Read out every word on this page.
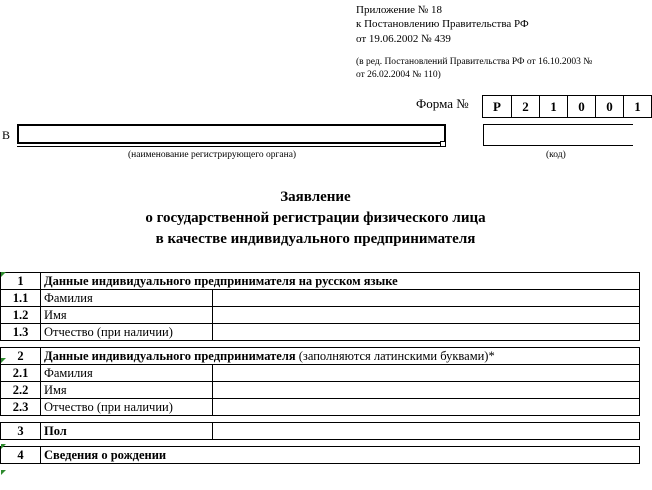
Приложение № 18
к Постановлению Правительства РФ
от 19.06.2002 № 439
(в ред. Постановлений Правительства РФ от 16.10.2003 №
от 26.02.2004 № 110)
Форма №	Р	2	1	0	0	1
В
(наименование регистрирующего органа)	(код)
Заявление
о государственной регистрации физического лица
в качестве индивидуального предпринимателя
1	Данные индивидуального предпринимателя на русском языке	
1.1	Фамилия	
1.2	Имя	
1.3	Отчество (при наличии)	

2	Данные индивидуального предпринимателя (заполняются латинскими буквами)*	
2.1	Фамилия	
2.2	Имя	
2.3	Отчество (при наличии)	

3	Пол	

4	Сведения о рождении	
